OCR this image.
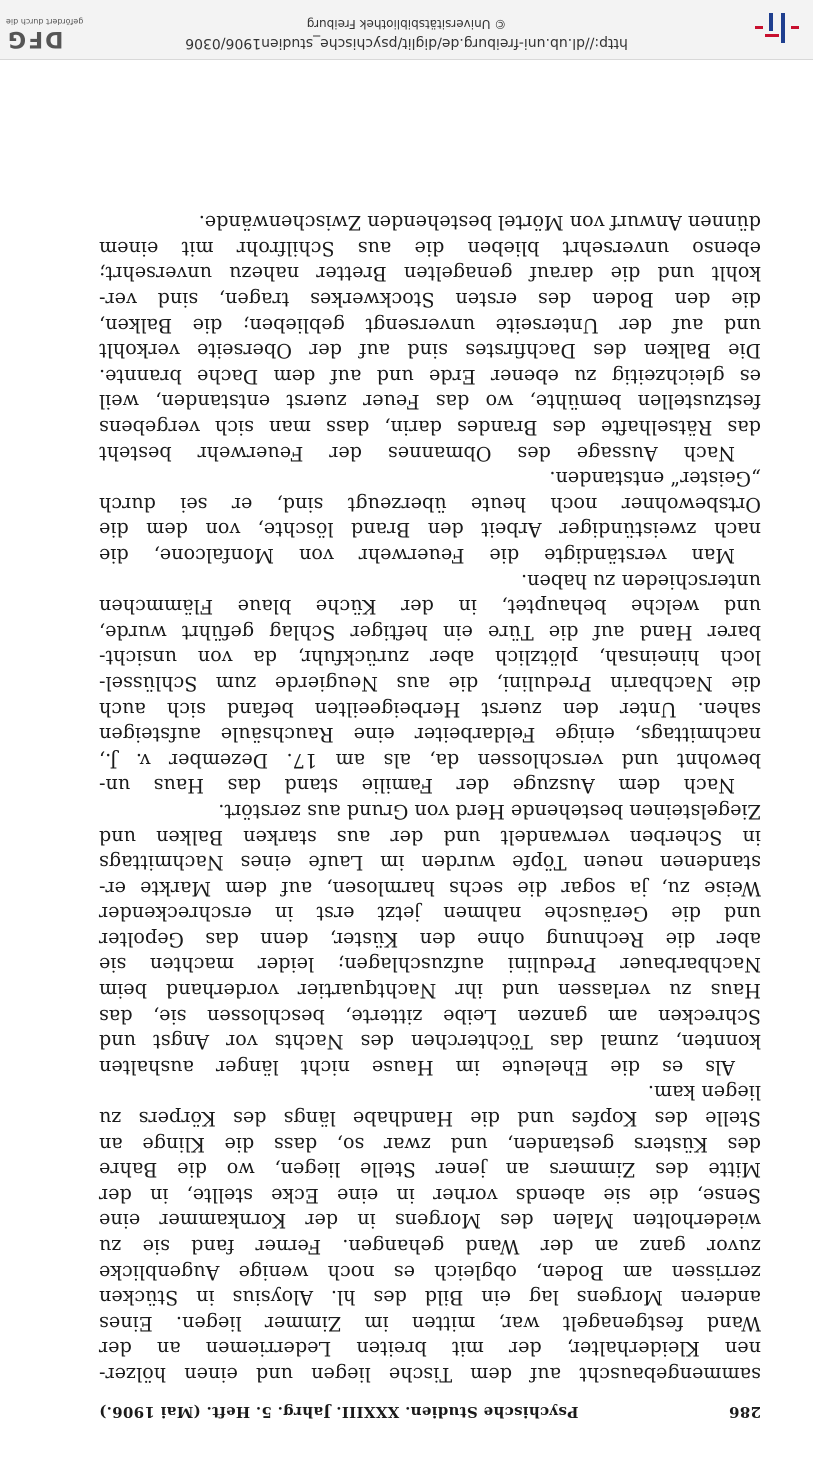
286
Psychische Studien. XXXIII. Jahrg. 5. Heft. (Mai 1906.)

sammengebauscht auf dem Tische liegen und einen hölzer-
nen Kleiderhalter, der mit breiten Lederriemen an der
Wand festgenagelt war, mitten im Zimmer liegen. Eines
anderen Morgens lag ein Bild des hl. Aloysius in Stücken
zerrissen am Boden, obgleich es noch wenige Augenblicke
zuvor ganz an der Wand gehangen. Ferner fand sie zu
wiederholten Malen des Morgens in der Kornkammer eine
Sense, die sie abends vorher in eine Ecke stellte, in der
Mitte des Zimmers an jener Stelle liegen, wo die Bahre
des Küsters gestanden, und zwar so, dass die Klinge an
Stelle des Kopfes und die Handhabe längs des Körpers zu
liegen kam.

Als es die Eheleute im Hause nicht länger aushalten
konnten, zumal das Töchterchen des Nachts vor Angst und
Schrecken am ganzen Leibe zitterte, beschlossen sie, das
Haus zu verlassen und ihr Nachtquartier vorderhand beim
Nachbarbauer Predulini aufzuschlagen; leider machten sie
aber die Rechnung ohne den Küster, denn das Gepolter
und die Geräusche nahmen jetzt erst in erschreckender
Weise zu, ja sogar die sechs harmlosen, auf dem Markte er-
standenen neuen Töpfe wurden im Laufe eines Nachmittags
in Scherben verwandelt und der aus starken Balken und
Ziegelsteinen bestehende Herd von Grund aus zerstört.

Nach dem Auszuge der Familie stand das Haus un-
bewohnt und verschlossen da, als am 17. Dezember v. J.,
nachmittags, einige Feldarbeiter eine Rauchsäule aufsteigen
sahen. Unter den zuerst Herbeigeeilten befand sich auch
die Nachbarin Predulini, die aus Neugierde zum Schlüssel-
loch hineinsah, plötzlich aber zurückfuhr, da von unsicht-
barer Hand auf die Türe ein heftiger Schlag geführt wurde,
und welche behauptet, in der Küche blaue Flämmchen
unterschieden zu haben.

Man verständigte die Feuerwehr von Monfalcone, die
nach zweistündiger Arbeit den Brand löschte, von dem die
Ortsbewohner noch heute überzeugt sind, er sei durch
„Geister“ entstanden.

Nach Aussage des Obmannes der Feuerwehr besteht
das Rätselhafte des Brandes darin, dass man sich vergebens
festzustellen bemühte, wo das Feuer zuerst entstanden, weil
es gleichzeitig zu ebener Erde und auf dem Dache brannte.
Die Balken des Dachfirstes sind auf der Oberseite verkohlt
und auf der Unterseite unversengt geblieben; die Balken,
die den Boden des ersten Stockwerkes tragen, sind ver-
kohlt und die darauf genagelten Bretter nahezu unversehrt;
ebenso unversehrt blieben die aus Schilfrohr mit einem
dünnen Anwurf von Mörtel bestehenden Zwischenwände.

http://dl.ub.uni-freiburg.de/diglit/psychische_studien1906/0306
© Universitätsbibliothek Freiburg
DFG
gefördert durch die
